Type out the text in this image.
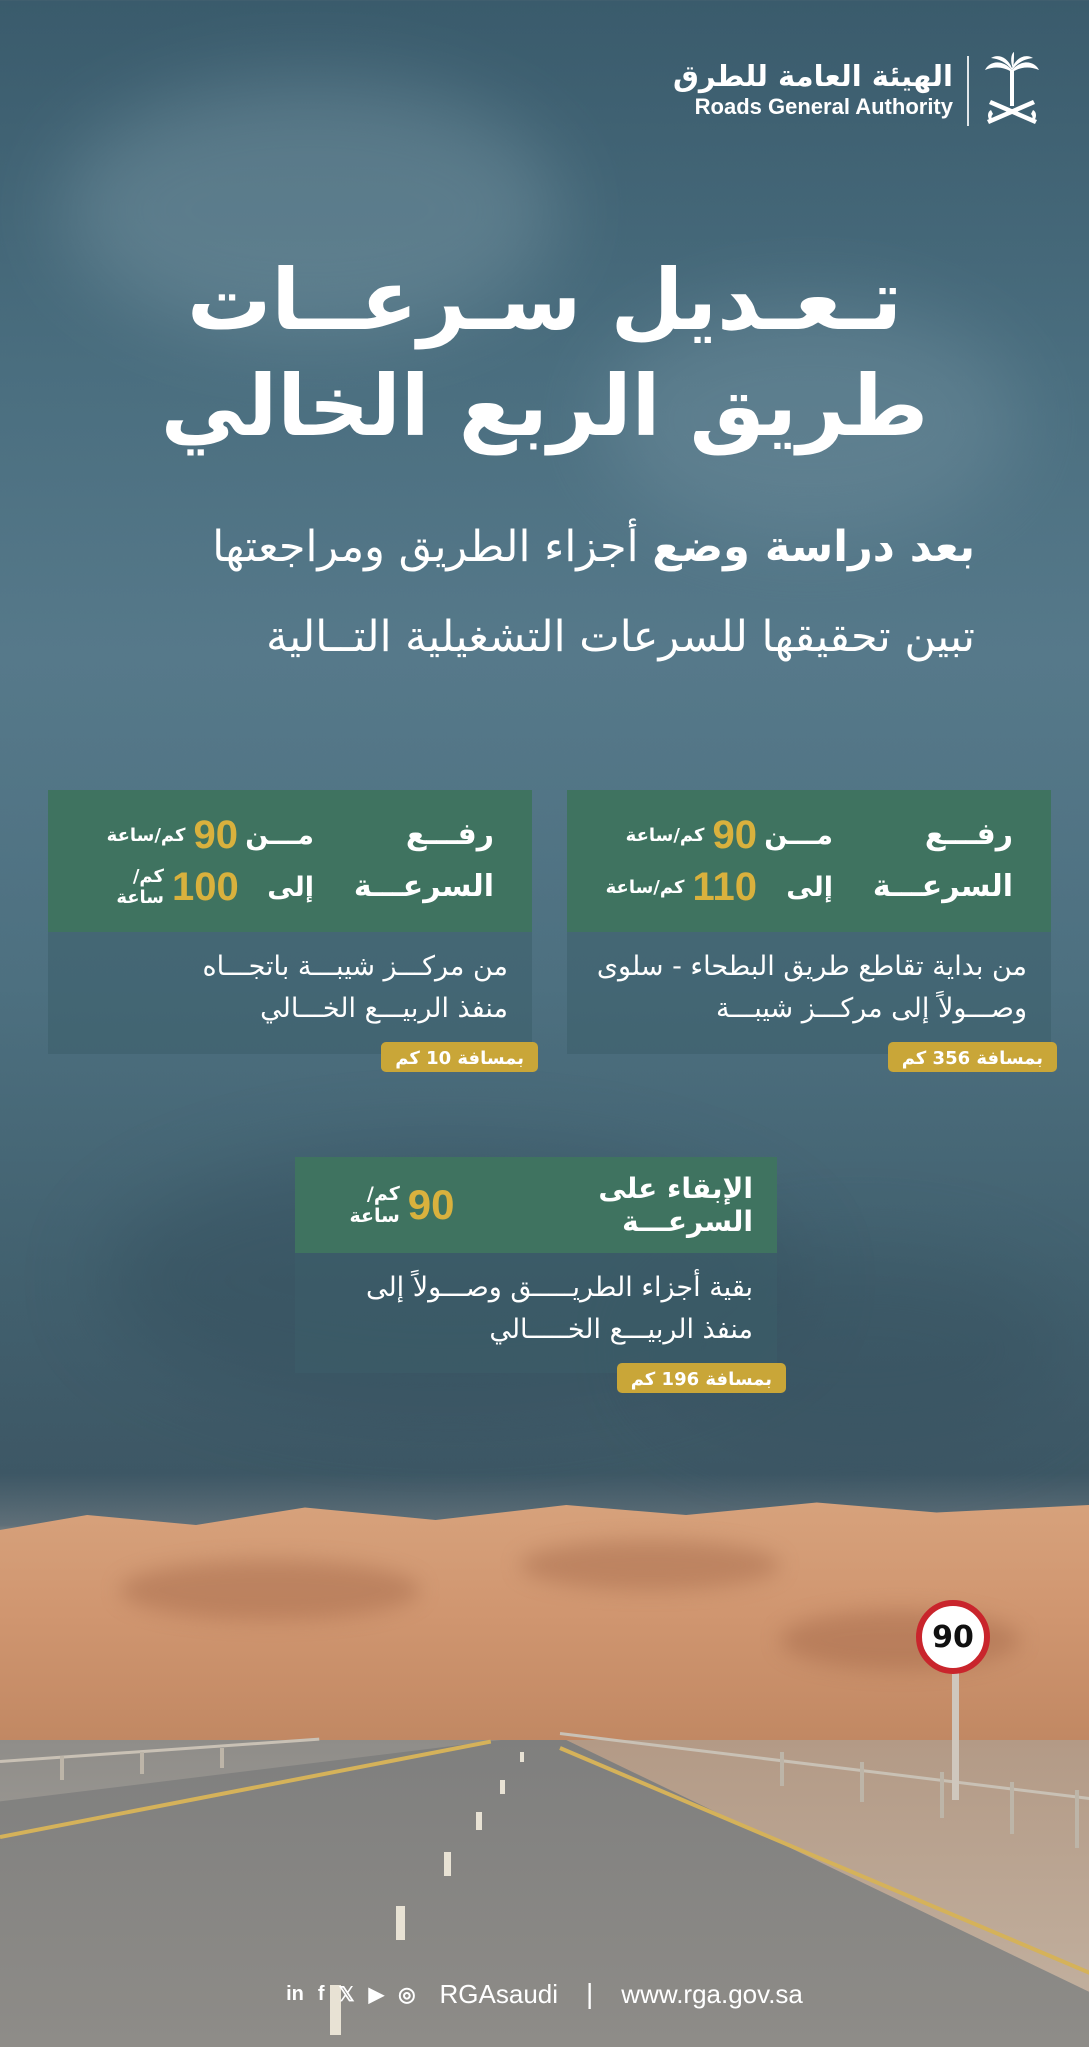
90
الهيئة العامة للطرق
Roads General Authority
تـعـديل سـرعــات
طريق الربع الخالي
بعد دراسة وضع أجزاء الطريق ومراجعتها
تبين تحقيقها للسرعات التشغيلية التــالية
رفـــع
السرعـــة
مـــن
90
كم/ساعة
إلى
110
كم/ساعة
من بداية تقاطع طريق البطحاء - سلوى
وصـــولاً إلى مركـــز شيبـــة
بمسافة 356 كم
رفـــع
السرعـــة
مـــن
90
كم/ساعة
إلى
100
كم/ساعة
من مركـــز شيبـــة باتجـــاه
منفذ الربيـــع الخـــالي
بمسافة 10 كم
الإبقاء على السرعـــة
90
كم/ساعة
بقية أجزاء الطريـــــق وصـــولاً إلى
منفذ الربيـــع الخـــــالي
بمسافة 196 كم
in f 𝕏 ▶ ◎ RGAsaudi | www.rga.gov.sa
